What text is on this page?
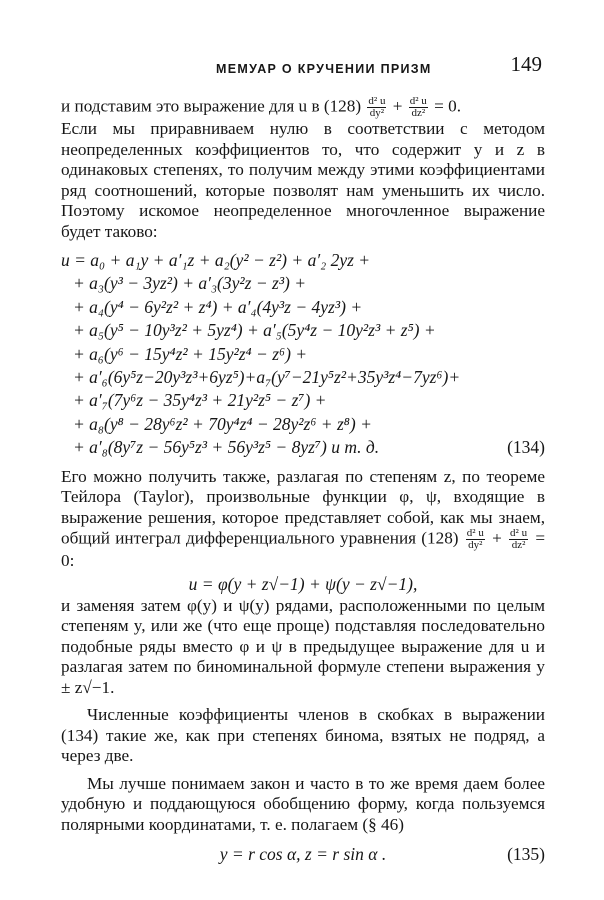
МЕМУАР О КРУЧЕНИИ ПРИЗМ	149

и подставим это выражение для u в $(128) \frac{\text{d² u}}{\text{dy²}} + \frac{\text{d² u}}{\text{dz²}} = 0$.

Если мы приравниваем нулю в соответствии с методом неопределенных коэффициентов то, что содержит y и z в одинаковых степенях, то получим между этими коэффициентами ряд соотношений, которые позволят нам уменьшить их число. Поэтому искомое неопределенное многочленное выражение будет таково:

u = a₀ + a₁y + a′₁z + a₂(y² − z²) + a′₂ 2yz +
+ a₃(y³ − 3yz²) + a′₃(3y²z − z³) +
+ a₄(y⁴ − 6y²z² + z⁴) + a′₄(4y³z − 4yz³) +
+ a₅(y⁵ − 10y³z² + 5yz⁴) + a′₅(5y⁴z − 10y²z³ + z⁵) +
+ a₆(y⁶ − 15y⁴z² + 15y²z⁴ − z⁶) +
+ a′₆(6y⁵z−20y³z³+6yz⁵)+a₇(y⁷−21y⁵z²+35y³z⁴−7yz⁶)+
+ a′₇(7y⁶z − 35y⁴z³ + 21y²z⁵ − z⁷) +
+ a₈(y⁸ − 28y⁶z² + 70y⁴z⁴ − 28y²z⁶ + z⁸) +
+ a′₈(8y⁷z − 56y⁵z³ + 56y³z⁵ − 8yz⁷) и т. д.	(134)

Его можно получить также, разлагая по степеням z, по теореме Тейлора (Taylor), произвольные функции φ, ψ, входящие в выражение решения, которое представляет собой, как мы знаем, общий интеграл дифференциального уравнения $(128) \frac{\text{d² u}}{\text{dy²}} + \frac{\text{d² u}}{\text{dz²}} = 0$:

u = φ(y + z√−1) + ψ(y − z√−1),

и заменяя затем φ(y) и ψ(y) рядами, расположенными по целым степеням y, или же (что еще проще) подставляя последовательно подобные ряды вместо φ и ψ в предыдущее выражение для u и разлагая затем по биноминальной формуле степени выражения y ± z√−1.

Численные коэффициенты членов в скобках в выражении (134) такие же, как при степенях бинома, взятых не подряд, а через две.

Мы лучше понимаем закон и часто в то же время даем более удобную и поддающуюся обобщению форму, когда пользуемся полярными координатами, т. е. полагаем (§ 46)

y = r cos α, z = r sin α .	(135)
